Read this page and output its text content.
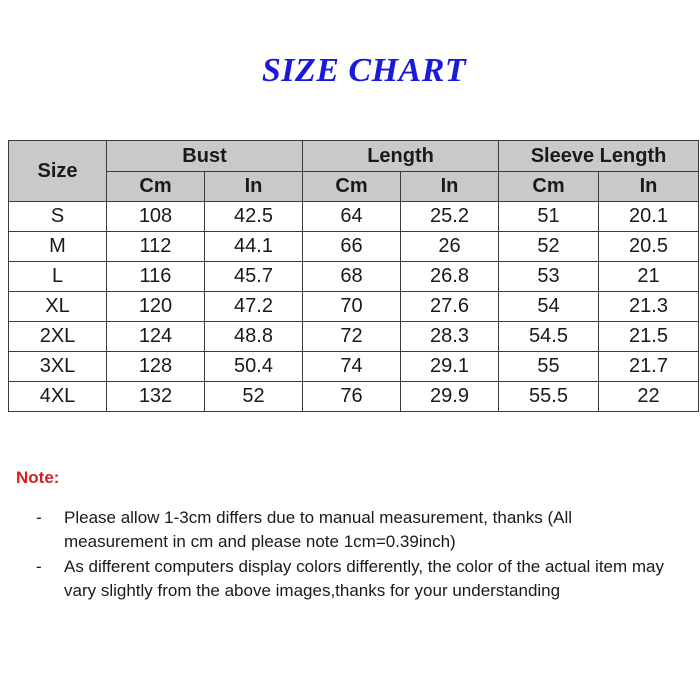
SIZE CHART
Size	Bust		Length		Sleeve Length	
	Cm	In	Cm	In	Cm	In
S	108	42.5	64	25.2	51	20.1
M	112	44.1	66	26	52	20.5
L	116	45.7	68	26.8	53	21
XL	120	47.2	70	27.6	54	21.3
2XL	124	48.8	72	28.3	54.5	21.5
3XL	128	50.4	74	29.1	55	21.7
4XL	132	52	76	29.9	55.5	22
Note:
- Please allow 1-3cm differs due to manual measurement, thanks (All measurement in cm and please note 1cm=0.39inch)
- As different computers display colors differently, the color of the actual item may vary slightly from the above images,thanks for your understanding
